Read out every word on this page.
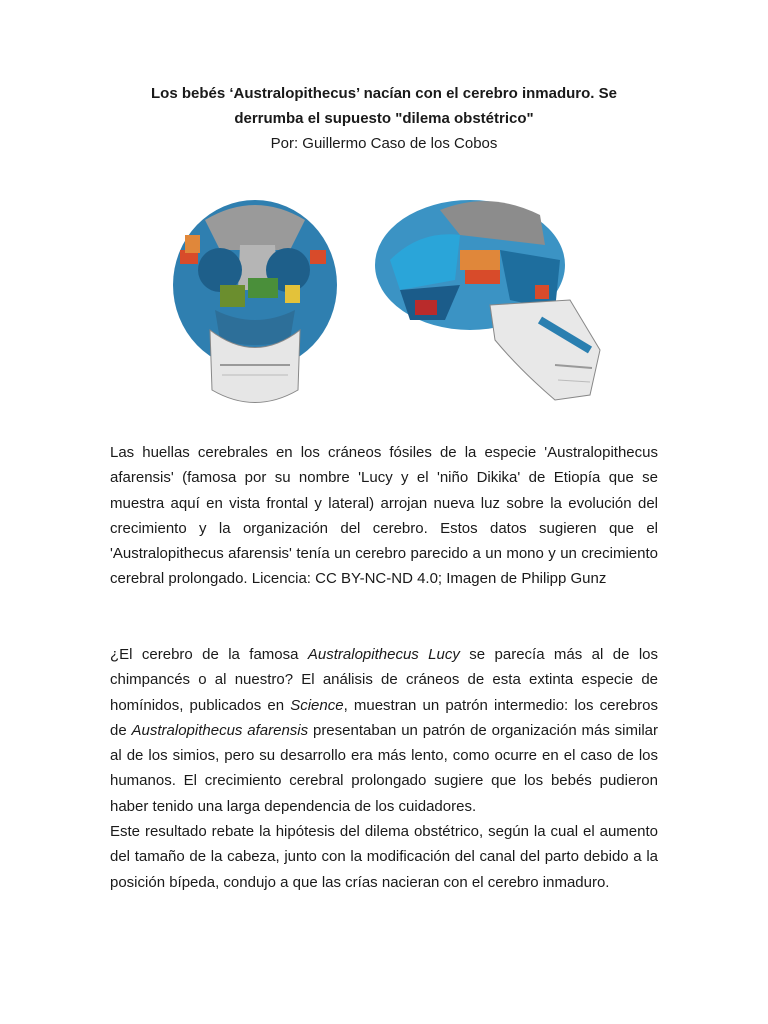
Los bebés ‘Australopithecus’ nacían con el cerebro inmaduro. Se
derrumba el supuesto "dilema obstétrico"
Por: Guillermo Caso de los Cobos
Las huellas cerebrales en los cráneos fósiles de la especie 'Australopithecus afarensis' (famosa por su nombre 'Lucy y el 'niño Dikika' de Etiopía que se muestra aquí en vista frontal y lateral) arrojan nueva luz sobre la evolución del crecimiento y la organización del cerebro. Estos datos sugieren que el 'Australopithecus afarensis' tenía un cerebro parecido a un mono y un crecimiento cerebral prolongado. Licencia: CC BY-NC-ND 4.0; Imagen de Philipp Gunz
¿El cerebro de la famosa Australopithecus Lucy se parecía más al de los chimpancés o al nuestro? El análisis de cráneos de esta extinta especie de homínidos, publicados en Science, muestran un patrón intermedio: los cerebros de Australopithecus afarensis presentaban un patrón de organización más similar al de los simios, pero su desarrollo era más lento, como ocurre en el caso de los humanos. El crecimiento cerebral prolongado sugiere que los bebés pudieron haber tenido una larga dependencia de los cuidadores.
Este resultado rebate la hipótesis del dilema obstétrico, según la cual el aumento del tamaño de la cabeza, junto con la modificación del canal del parto debido a la posición bípeda, condujo a que las crías nacieran con el cerebro inmaduro.
